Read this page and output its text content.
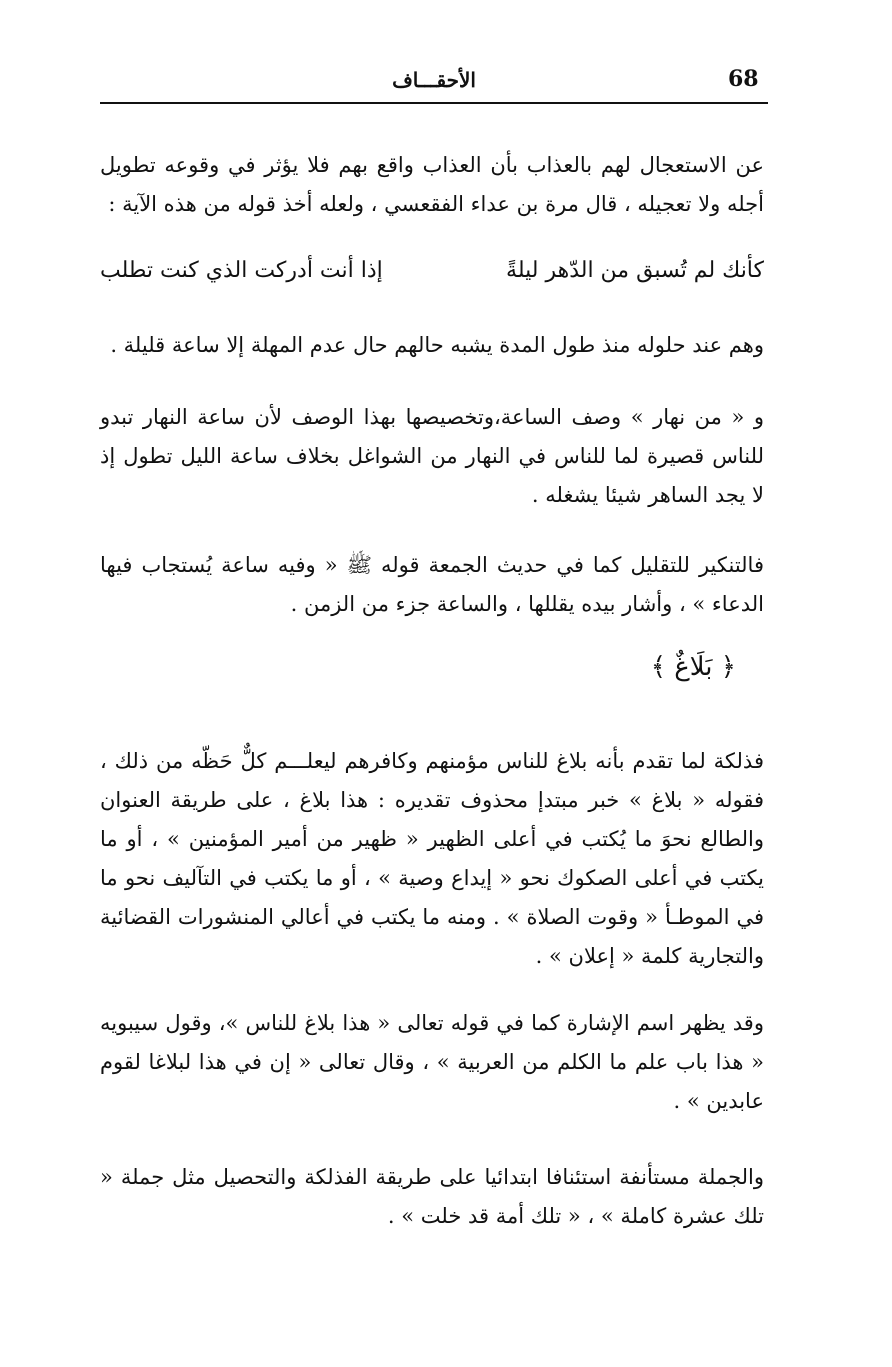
68
الأحقـــاف
عن الاستعجال لهم بالعذاب بأن العذاب واقع بهم فلا يؤثر في وقوعه تطويل أجله ولا تعجيله ، قال مرة بن عداء الفقعسي ، ولعله أخذ قوله من هذه الآية :
كأنك لم تُسبق من الدّهر ليلةً
إذا أنت أدركت الذي كنت تطلب
وهم عند حلوله منذ طول المدة يشبه حالهم حال عدم المهلة إلا ساعة قليلة .
و « من نهار » وصف الساعة،وتخصيصها بهذا الوصف لأن ساعة النهار تبدو للناس قصيرة لما للناس في النهار من الشواغل بخلاف ساعة الليل تطول إذ لا يجد الساهر شيئا يشغله .
فالتنكير للتقليل كما في حديث الجمعة قوله ﷺ « وفيه ساعة يُستجاب فيها الدعاء » ، وأشار بيده يقللها ، والساعة جزء من الزمن .
﴿ بَلَاغٌ ﴾
فذلكة لما تقدم بأنه بلاغ للناس مؤمنهم وكافرهم ليعلـــم كلٌّ حَظّه من ذلك ، فقوله « بلاغ » خبر مبتدإ محذوف تقديره : هذا بلاغ ، على طريقة العنوان والطالع نحوَ ما يُكتب في أعلى الظهير « ظهير من أمير المؤمنين » ، أو ما يكتب في أعلى الصكوك نحو « إيداع وصية » ، أو ما يكتب في التآليف نحو ما في الموطـأ « وقوت الصلاة » . ومنه ما يكتب في أعالي المنشورات القضائية والتجارية كلمة « إعلان » .
وقد يظهر اسم الإشارة كما في قوله تعالى « هذا بلاغ للناس »، وقول سيبويه « هذا باب علم ما الكلم من العربية » ، وقال تعالى « إن في هذا لبلاغا لقوم عابدين » .
والجملة مستأنفة استئنافا ابتدائيا على طريقة الفذلكة والتحصيل مثل جملة « تلك عشرة كاملة » ، « تلك أمة قد خلت » .
